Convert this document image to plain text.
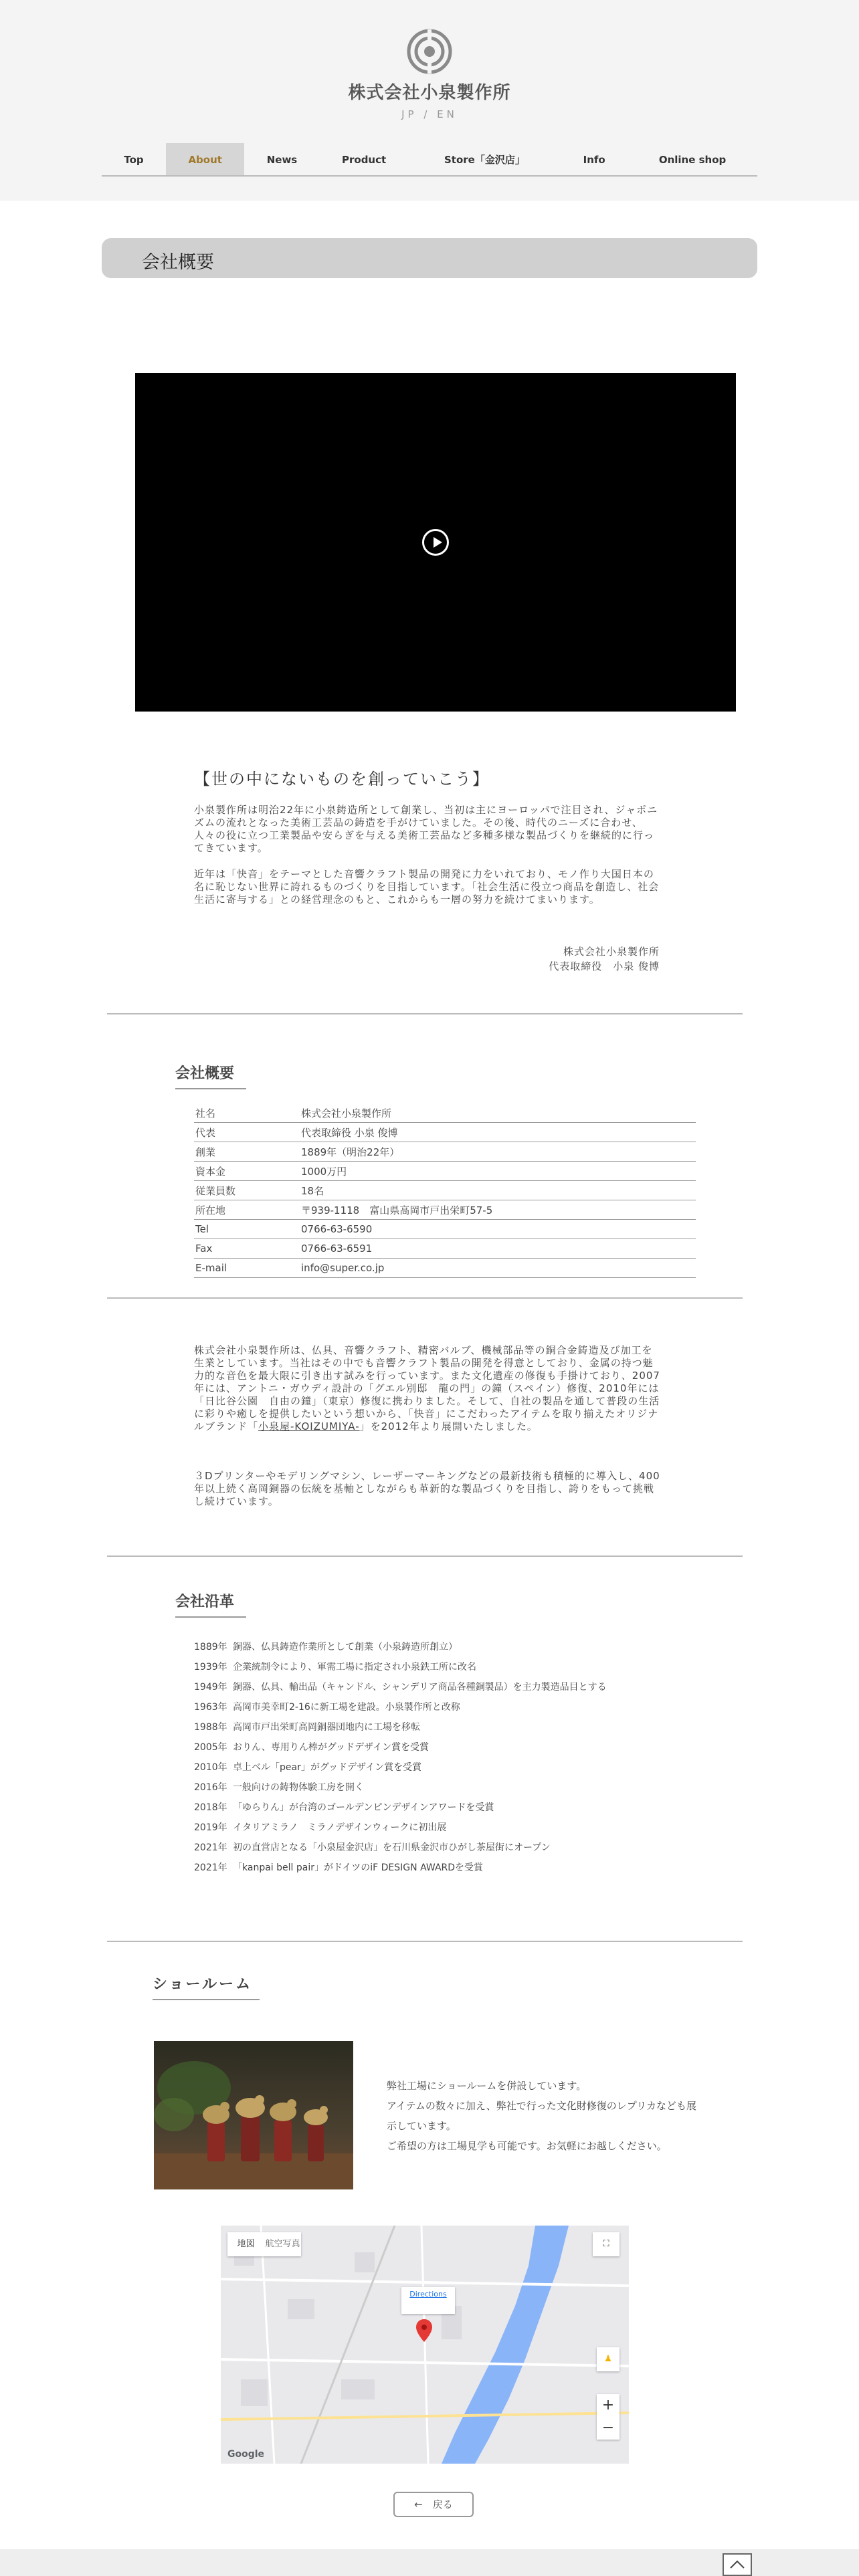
株式会社小泉製作所
JP / EN
Top	About	News	Product	Store「金沢店」	Info	Online shop
会社概要
【世の中にないものを創っていこう】
小泉製作所は明治22年に小泉鋳造所として創業し、当初は主にヨーロッパで注目され、ジャポニズムの流れとなった美術工芸品の鋳造を手がけていました。その後、時代のニーズに合わせ、人々の役に立つ工業製品や安らぎを与える美術工芸品など多種多様な製品づくりを継続的に行ってきています。
近年は「快音」をテーマとした音響クラフト製品の開発に力をいれており、モノ作り大国日本の名に恥じない世界に誇れるものづくりを目指しています。「社会生活に役立つ商品を創造し、社会生活に寄与する」との経営理念のもと、これからも一層の努力を続けてまいります。
株式会社小泉製作所
代表取締役　小泉 俊博
会社概要
社名	株式会社小泉製作所
代表	代表取締役 小泉 俊博
創業	1889年（明治22年）
資本金	1000万円
従業員数	18名
所在地	〒939-1118　富山県高岡市戸出栄町57-5
Tel	0766-63-6590
Fax	0766-63-6591
E-mail	info@super.co.jp
株式会社小泉製作所は、仏具、音響クラフト、精密バルブ、機械部品等の銅合金鋳造及び加工を生業としています。当社はその中でも音響クラフト製品の開発を得意としており、金属の持つ魅力的な音色を最大限に引き出す試みを行っています。また文化遺産の修復も手掛けており、2007年には、アントニ・ガウディ設計の「グエル別邸　龍の門」の鐘（スペイン）修復、2010年には「日比谷公園　自由の鐘」（東京）修復に携わりました。そして、自社の製品を通して普段の生活に彩りや癒しを提供したいという想いから、「快音」にこだわったアイテムを取り揃えたオリジナルブランド「小泉屋-KOIZUMIYA-」を2012年より展開いたしました。
３Dプリンターやモデリングマシン、レーザーマーキングなどの最新技術も積極的に導入し、400年以上続く高岡銅器の伝統を基軸としながらも革新的な製品づくりを目指し、誇りをもって挑戦し続けています。
会社沿革
1889年 銅器、仏具鋳造作業所として創業（小泉鋳造所創立）
1939年 企業統制令により、軍需工場に指定され小泉鉄工所に改名
1949年 銅器、仏具、輸出品（キャンドル、シャンデリア商品各種銅製品）を主力製造品目とする
1963年 高岡市美幸町2-16に新工場を建設。小泉製作所と改称
1988年 高岡市戸出栄町高岡銅器団地内に工場を移転
2005年 おりん、専用りん棒がグッドデザイン賞を受賞
2010年 卓上ベル「pear」がグッドデザイン賞を受賞
2016年 一般向けの鋳物体験工房を開く
2018年 「ゆらりん」が台湾のゴールデンピンデザインアワードを受賞
2019年 イタリアミラノ　ミラノデザインウィークに初出展
2021年 初の直営店となる「小泉屋金沢店」を石川県金沢市ひがし茶屋街にオープン
2021年 「kanpai bell pair」がドイツのiF DESIGN AWARDを受賞
ショールーム
弊社工場にショールームを併設しています。
アイテムの数々に加え、弊社で行った文化財修復のレプリカなども展示しています。
ご希望の方は工場見学も可能です。お気軽にお越しください。
地図	航空写真	⛶
Directions
♟
+
−
Google
←　戻る
